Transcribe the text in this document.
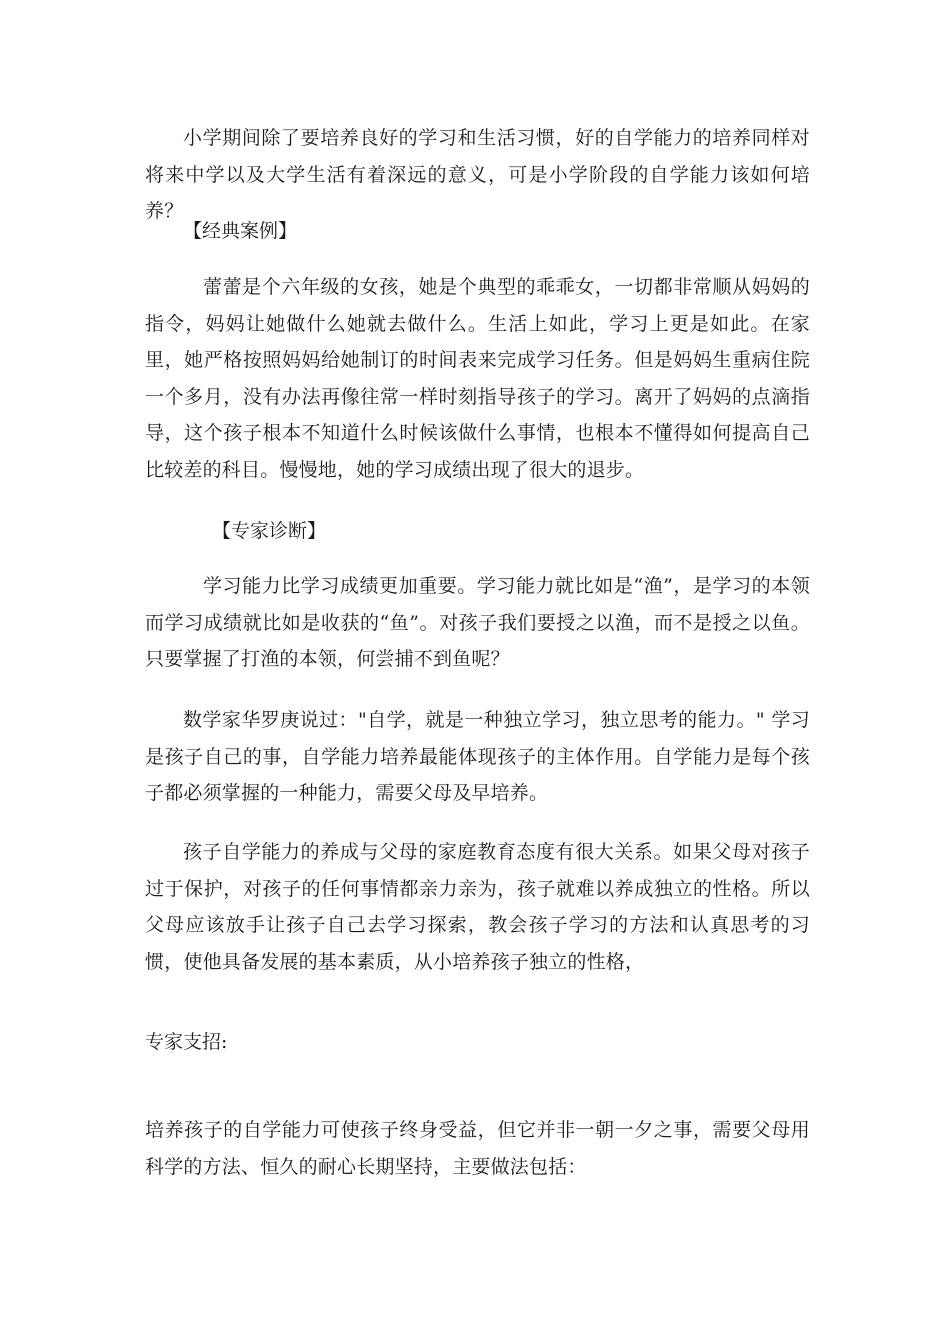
小学期间除了要培养良好的学习和生活习惯，好的自学能力的培养同样对将来中学以及大学生活有着深远的意义，可是小学阶段的自学能力该如何培养？

【经典案例】

蕾蕾是个六年级的女孩，她是个典型的乖乖女，一切都非常顺从妈妈的指令，妈妈让她做什么她就去做什么。生活上如此，学习上更是如此。在家里，她严格按照妈妈给她制订的时间表来完成学习任务。但是妈妈生重病住院一个多月，没有办法再像往常一样时刻指导孩子的学习。离开了妈妈的点滴指导，这个孩子根本不知道什么时候该做什么事情，也根本不懂得如何提高自己比较差的科目。慢慢地，她的学习成绩出现了很大的退步。

【专家诊断】

学习能力比学习成绩更加重要。学习能力就比如是“渔”，是学习的本领而学习成绩就比如是收获的“鱼”。对孩子我们要授之以渔，而不是授之以鱼。只要掌握了打渔的本领，何尝捕不到鱼呢？

数学家华罗庚说过："自学，就是一种独立学习，独立思考的能力。" 学习是孩子自己的事，自学能力培养最能体现孩子的主体作用。自学能力是每个孩子都必须掌握的一种能力，需要父母及早培养。

孩子自学能力的养成与父母的家庭教育态度有很大关系。如果父母对孩子过于保护，对孩子的任何事情都亲力亲为，孩子就难以养成独立的性格。所以父母应该放手让孩子自己去学习探索，教会孩子学习的方法和认真思考的习惯，使他具备发展的基本素质，从小培养孩子独立的性格，

专家支招:

培养孩子的自学能力可使孩子终身受益，但它并非一朝一夕之事，需要父母用科学的方法、恒久的耐心长期坚持，主要做法包括：
